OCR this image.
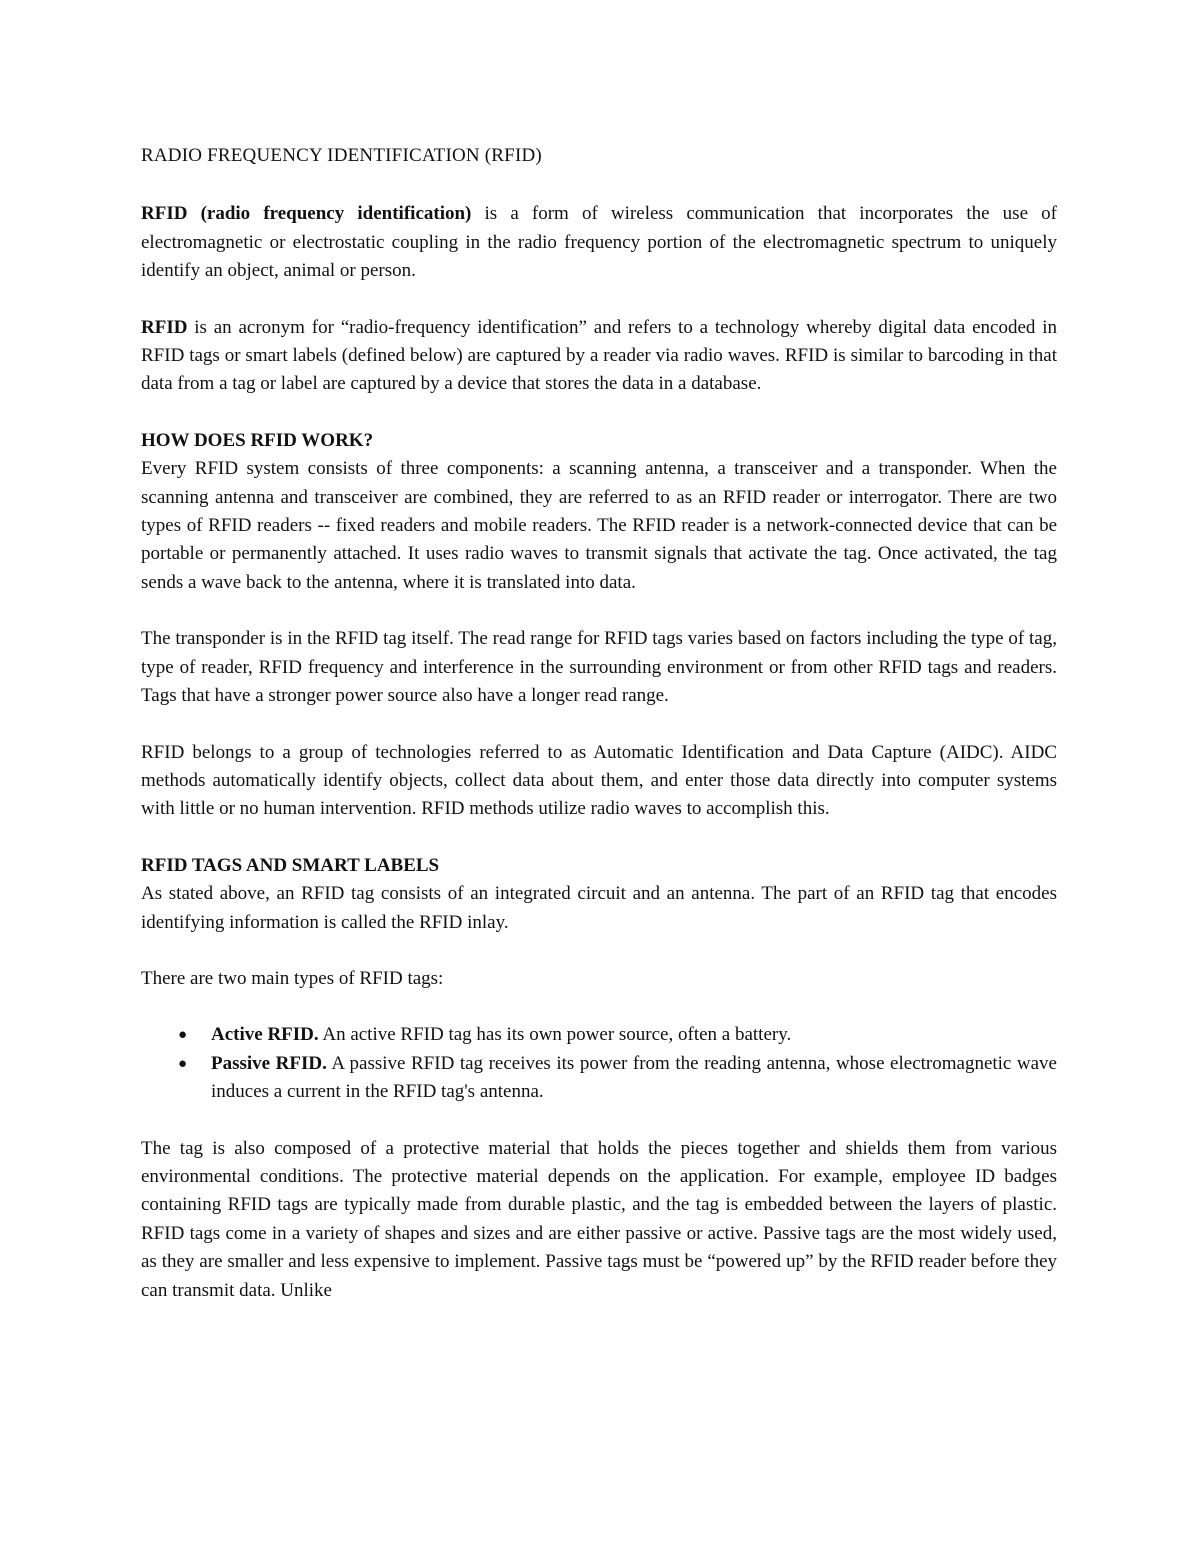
RADIO FREQUENCY IDENTIFICATION (RFID)

RFID (radio frequency identification) is a form of wireless communication that incorporates the use of electromagnetic or electrostatic coupling in the radio frequency portion of the electromagnetic spectrum to uniquely identify an object, animal or person.

RFID is an acronym for “radio-frequency identification” and refers to a technology whereby digital data encoded in RFID tags or smart labels (defined below) are captured by a reader via radio waves. RFID is similar to barcoding in that data from a tag or label are captured by a device that stores the data in a database.

HOW DOES RFID WORK?

Every RFID system consists of three components: a scanning antenna, a transceiver and a transponder. When the scanning antenna and transceiver are combined, they are referred to as an RFID reader or interrogator. There are two types of RFID readers -- fixed readers and mobile readers. The RFID reader is a network-connected device that can be portable or permanently attached. It uses radio waves to transmit signals that activate the tag. Once activated, the tag sends a wave back to the antenna, where it is translated into data.

The transponder is in the RFID tag itself. The read range for RFID tags varies based on factors including the type of tag, type of reader, RFID frequency and interference in the surrounding environment or from other RFID tags and readers. Tags that have a stronger power source also have a longer read range.

RFID belongs to a group of technologies referred to as Automatic Identification and Data Capture (AIDC). AIDC methods automatically identify objects, collect data about them, and enter those data directly into computer systems with little or no human intervention. RFID methods utilize radio waves to accomplish this.

RFID TAGS AND SMART LABELS

As stated above, an RFID tag consists of an integrated circuit and an antenna. The part of an RFID tag that encodes identifying information is called the RFID inlay.

There are two main types of RFID tags:

● Active RFID. An active RFID tag has its own power source, often a battery.
● Passive RFID. A passive RFID tag receives its power from the reading antenna, whose electromagnetic wave induces a current in the RFID tag's antenna.

The tag is also composed of a protective material that holds the pieces together and shields them from various environmental conditions. The protective material depends on the application. For example, employee ID badges containing RFID tags are typically made from durable plastic, and the tag is embedded between the layers of plastic. RFID tags come in a variety of shapes and sizes and are either passive or active. Passive tags are the most widely used, as they are smaller and less expensive to implement. Passive tags must be “powered up” by the RFID reader before they can transmit data. Unlike
